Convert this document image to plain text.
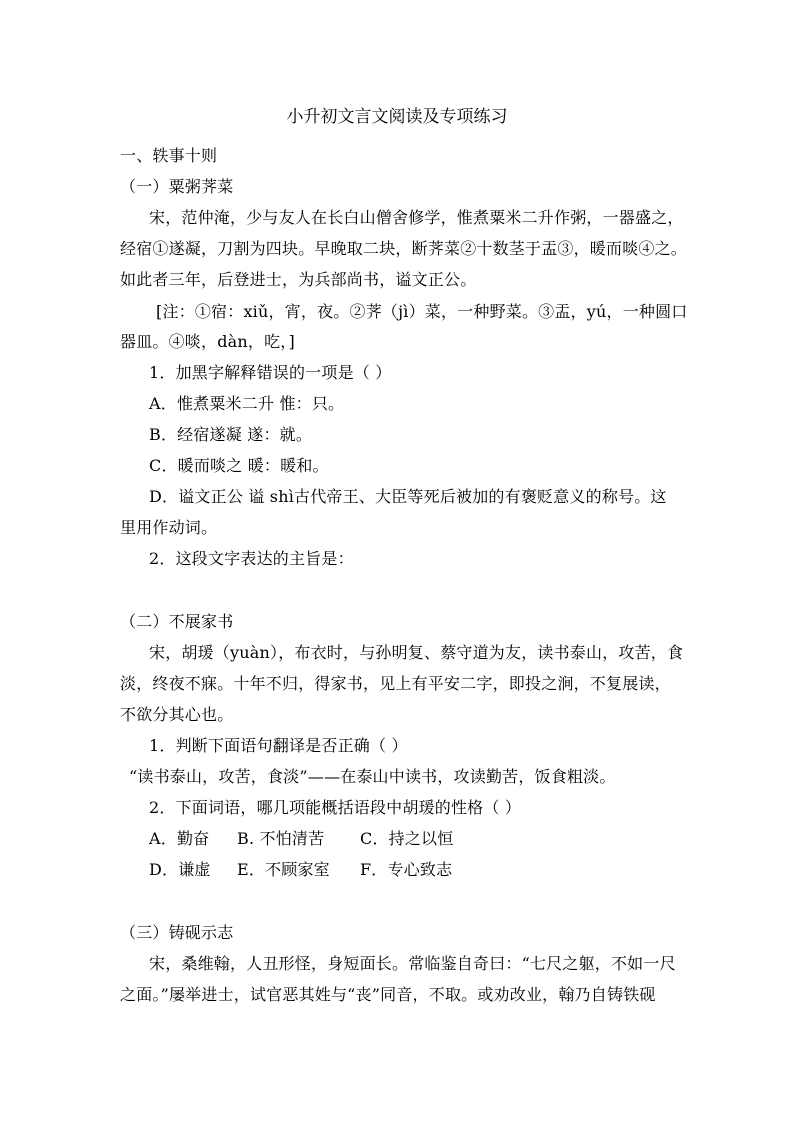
小升初文言文阅读及专项练习
一、轶事十则
（一）粟粥荠菜
宋，范仲淹，少与友人在长白山僧舍修学，惟煮粟米二升作粥，一器盛之，
经宿①遂凝，刀割为四块。早晚取二块，断荠菜②十数茎于盂③，暖而啖④之。
如此者三年，后登进士，为兵部尚书，谥文正公。
[注：①宿：xiǔ，宵，夜。②荠（jì）菜，一种野菜。③盂，yú，一种圆口
器皿。④啖，dàn，吃，]
1．加黑字解释错误的一项是（ ）
A．惟煮粟米二升 惟：只。
B．经宿遂凝 遂：就。
C．暖而啖之 暖：暖和。
D．谥文正公 谥 shì古代帝王、大臣等死后被加的有褒贬意义的称号。这
里用作动词。
2．这段文字表达的主旨是：
（二）不展家书
宋，胡瑗（yuàn），布衣时，与孙明复、蔡守道为友，读书泰山，攻苦，食
淡，终夜不寐。十年不归，得家书，见上有平安二字，即投之涧，不复展读，
不欲分其心也。
1．判断下面语句翻译是否正确（ ）
“读书泰山，攻苦，食淡”——在泰山中读书，攻读勤苦，饭食粗淡。
2．下面词语，哪几项能概括语段中胡瑗的性格（ ）
A．勤奋 B. 不怕清苦 C．持之以恒
D．谦虚 E．不顾家室 F．专心致志
（三）铸砚示志
宋，桑维翰，人丑形怪，身短面长。常临鉴自奇曰：“七尺之躯，不如一尺
之面。”屡举进士，试官恶其姓与“丧”同音，不取。或劝改业，翰乃自铸铁砚
